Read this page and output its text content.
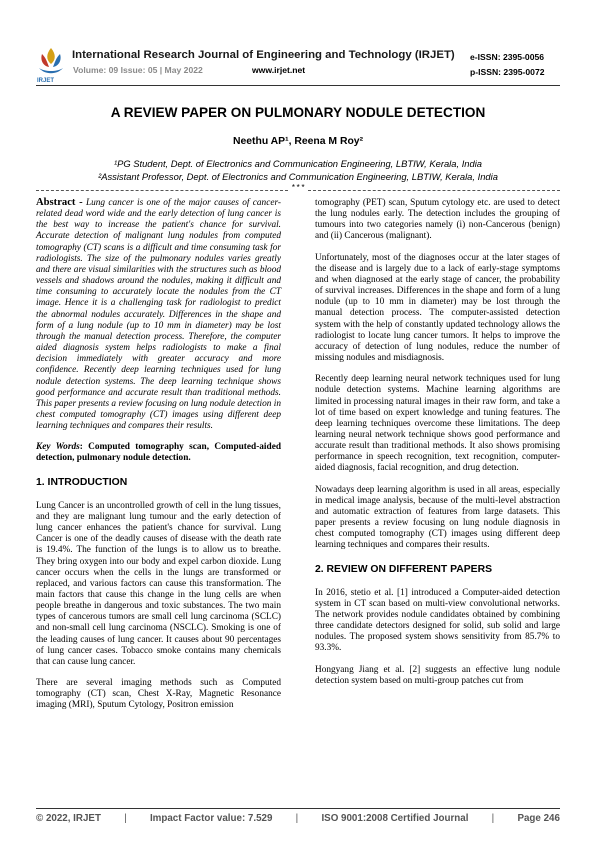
IRJET
International Research Journal of Engineering and Technology (IRJET)
Volume: 09 Issue: 05 | May 2022	www.irjet.net
e-ISSN: 2395-0056
p-ISSN: 2395-0072
A REVIEW PAPER ON PULMONARY NODULE DETECTION
Neethu AP¹, Reena M Roy²
¹PG Student, Dept. of Electronics and Communication Engineering, LBTIW, Kerala, India
²Assistant Professor, Dept. of Electronics and Communication Engineering, LBTIW, Kerala, India
***

Abstract - Lung cancer is one of the major causes of cancer- related dead word wide and the early detection of lung cancer is the best way to increase the patient's chance for survival. Accurate detection of malignant lung nodules from computed tomography (CT) scans is a difficult and time consuming task for radiologists. The size of the pulmonary nodules varies greatly and there are visual similarities with the structures such as blood vessels and shadows around the nodules, making it difficult and time consuming to accurately locate the nodules from the CT image. Hence it is a challenging task for radiologist to predict the abnormal nodules accurately. Differences in the shape and form of a lung nodule (up to 10 mm in diameter) may be lost through the manual detection process. Therefore, the computer aided diagnosis system helps radiologists to make a final decision immediately with greater accuracy and more confidence. Recently deep learning techniques used for lung nodule detection systems. The deep learning technique shows good performance and accurate result than traditional methods. This paper presents a review focusing on lung nodule detection in chest computed tomography (CT) images using different deep learning techniques and compares their results.

Key Words: Computed tomography scan, Computed-aided detection, pulmonary nodule detection.

1. INTRODUCTION

Lung Cancer is an uncontrolled growth of cell in the lung tissues, and they are malignant lung tumour and the early detection of lung cancer enhances the patient's chance for survival. Lung Cancer is one of the deadly causes of disease with the death rate is 19.4%. The function of the lungs is to allow us to breathe. They bring oxygen into our body and expel carbon dioxide. Lung cancer occurs when the cells in the lungs are transformed or replaced, and various factors can cause this transformation. The main factors that cause this change in the lung cells are when people breathe in dangerous and toxic substances. The two main types of cancerous tumors are small cell lung carcinoma (SCLC) and non-small cell lung carcinoma (NSCLC). Smoking is one of the leading causes of lung cancer. It causes about 90 percentages of lung cancer cases. Tobacco smoke contains many chemicals that can cause lung cancer.

There are several imaging methods such as Computed tomography (CT) scan, Chest X-Ray, Magnetic Resonance imaging (MRI), Sputum Cytology, Positron emission

tomography (PET) scan, Sputum cytology etc. are used to detect the lung nodules early. The detection includes the grouping of tumours into two categories namely (i) non-Cancerous (benign) and (ii) Cancerous (malignant).

Unfortunately, most of the diagnoses occur at the later stages of the disease and is largely due to a lack of early-stage symptoms and when diagnosed at the early stage of cancer, the probability of survival increases. Differences in the shape and form of a lung nodule (up to 10 mm in diameter) may be lost through the manual detection process. The computer-assisted detection system with the help of constantly updated technology allows the radiologist to locate lung cancer tumors. It helps to improve the accuracy of detection of lung nodules, reduce the number of missing nodules and misdiagnosis.

Recently deep learning neural network techniques used for lung nodule detection systems. Machine learning algorithms are limited in processing natural images in their raw form, and take a lot of time based on expert knowledge and tuning features. The deep learning techniques overcome these limitations. The deep learning neural network technique shows good performance and accurate result than traditional methods. It also shows promising performance in speech recognition, text recognition, computer-aided diagnosis, facial recognition, and drug detection.

Nowadays deep learning algorithm is used in all areas, especially in medical image analysis, because of the multi-level abstraction and automatic extraction of features from large datasets. This paper presents a review focusing on lung nodule diagnosis in chest computed tomography (CT) images using different deep learning techniques and compares their results.

2. REVIEW ON DIFFERENT PAPERS

In 2016, stetio et al. [1] introduced a Computer-aided detection system in CT scan based on multi-view convolutional networks. The network provides nodule candidates obtained by combining three candidate detectors designed for solid, sub solid and large nodules. The proposed system shows sensitivity from 85.7% to 93.3%.

Hongyang Jiang et al. [2] suggests an effective lung nodule detection system based on multi-group patches cut from

© 2022, IRJET | Impact Factor value: 7.529 | ISO 9001:2008 Certified Journal | Page 246
